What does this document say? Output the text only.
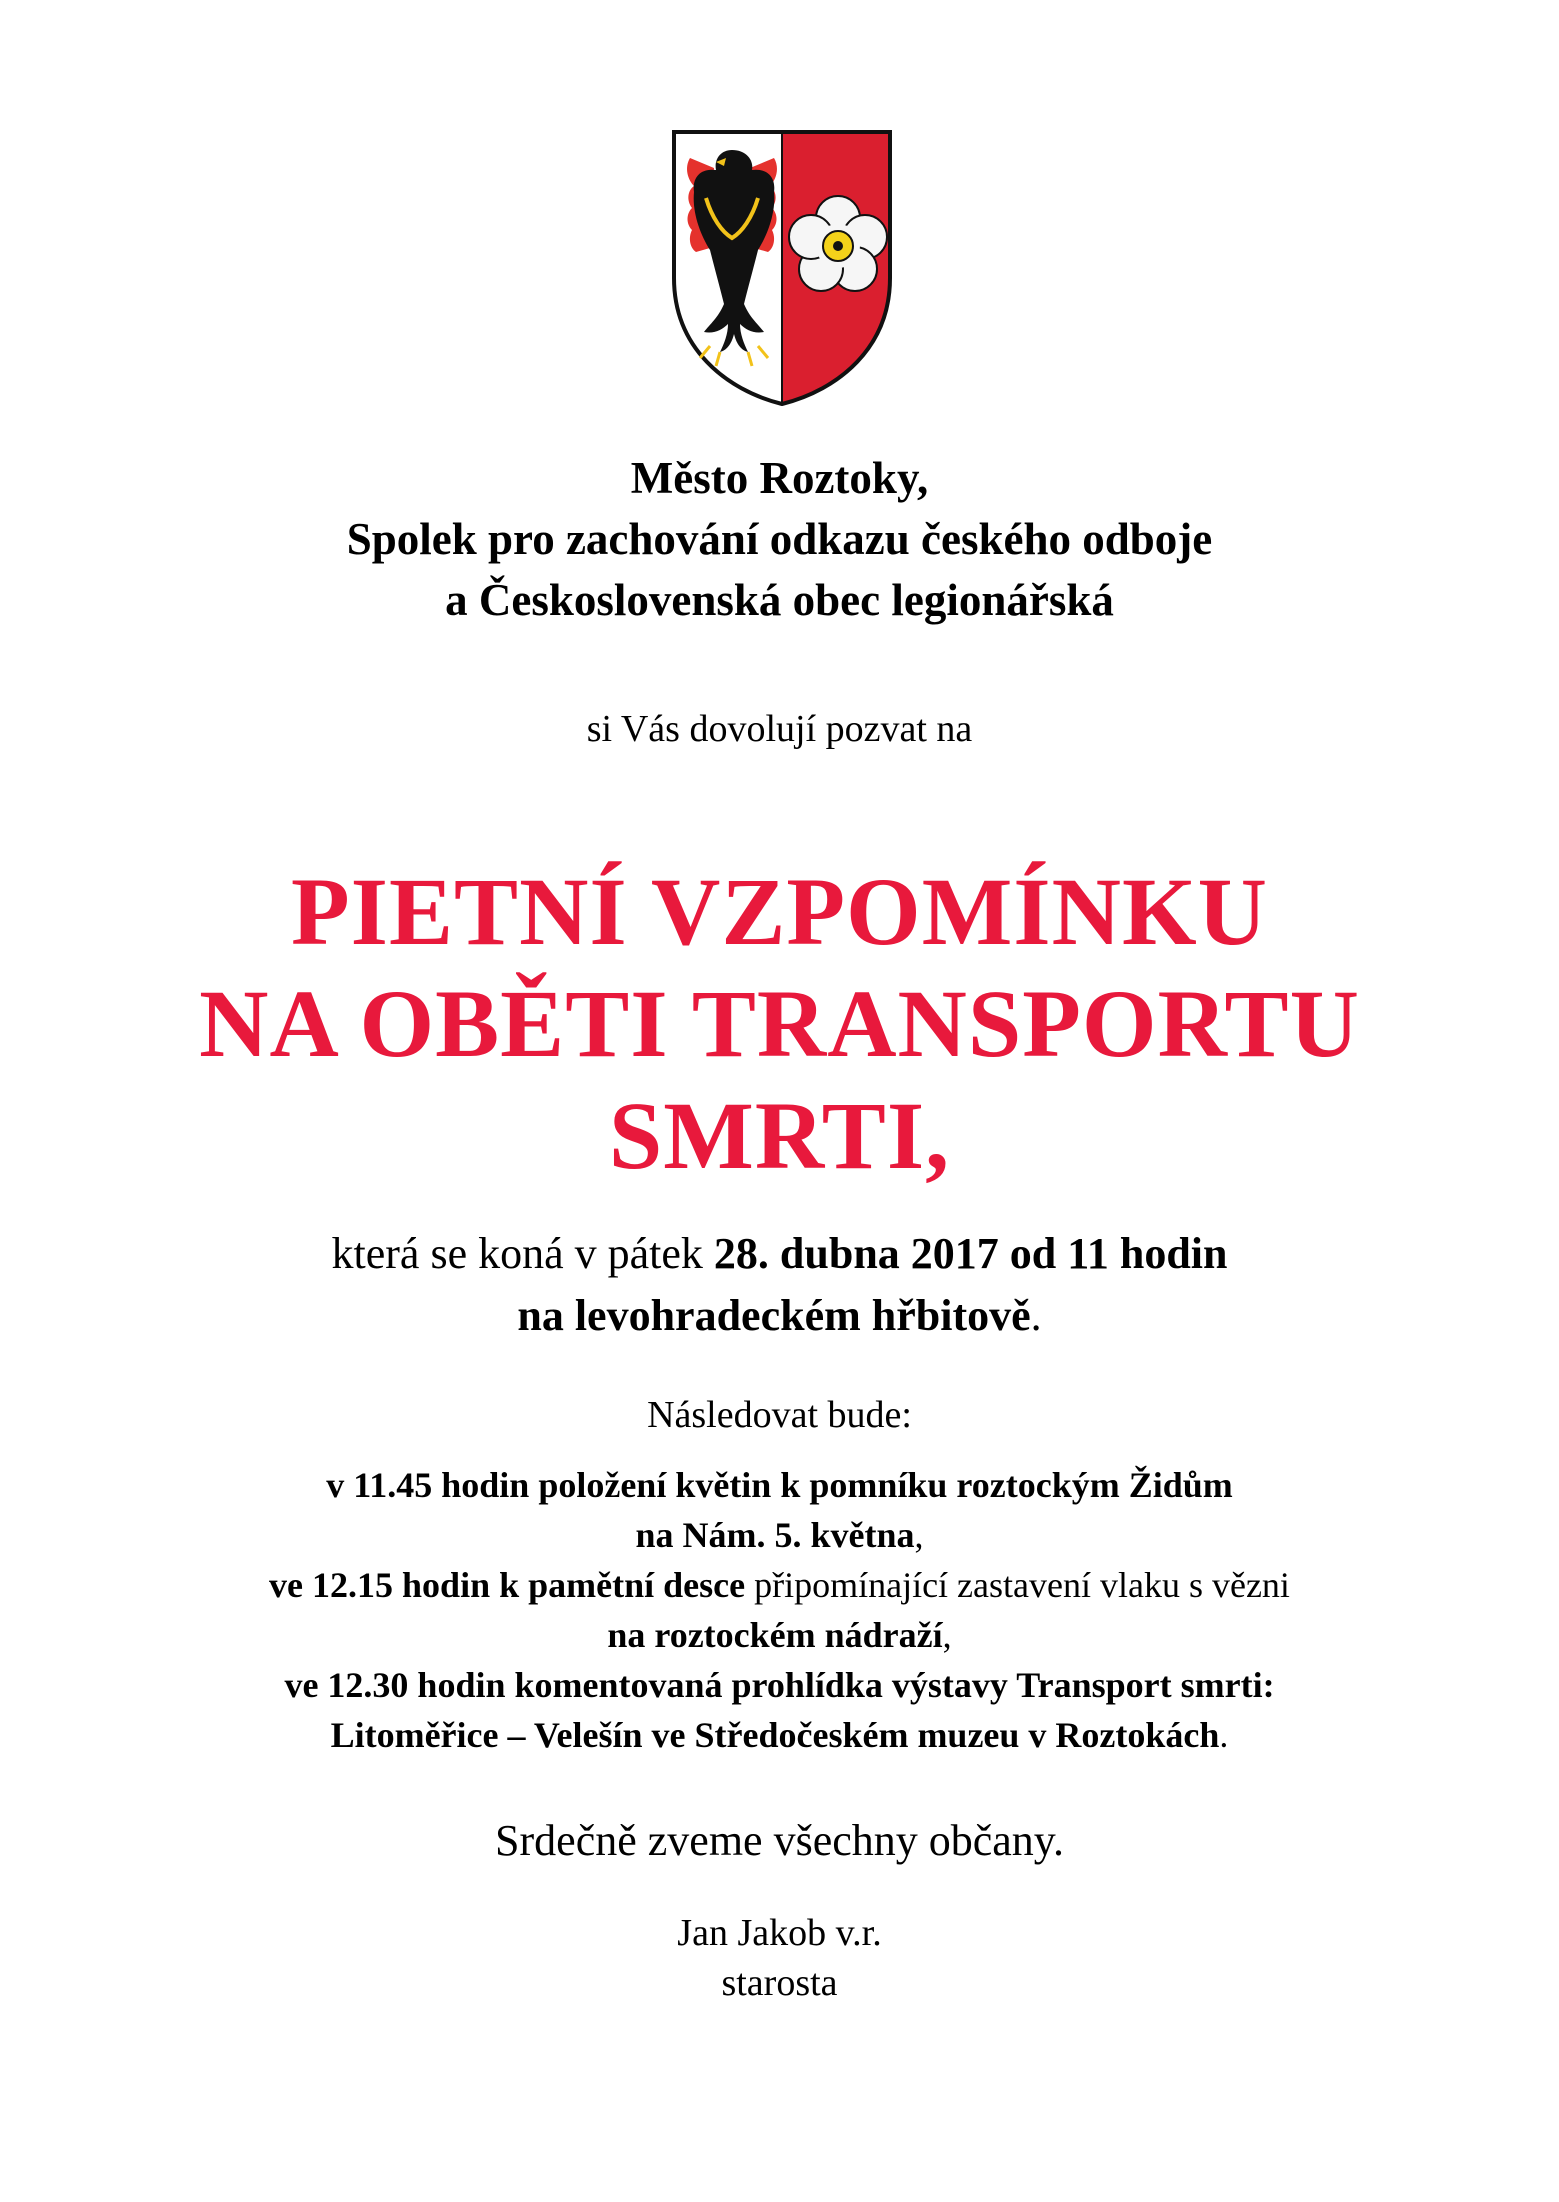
Město Roztoky,
Spolek pro zachování odkazu českého odboje
a Československá obec legionářská
si Vás dovolují pozvat na
PIETNÍ VZPOMÍNKU
NA OBĚTI TRANSPORTU
SMRTI,
která se koná v pátek 28. dubna 2017 od 11 hodin
na levohradeckém hřbitově.
Následovat bude:
v 11.45 hodin položení květin k pomníku roztockým Židům
na Nám. 5. května,
ve 12.15 hodin k pamětní desce připomínající zastavení vlaku s vězni
na roztockém nádraží,
ve 12.30 hodin komentovaná prohlídka výstavy Transport smrti:
Litoměřice – Velešín ve Středočeském muzeu v Roztokách.
Srdečně zveme všechny občany.
Jan Jakob v.r.
starosta
